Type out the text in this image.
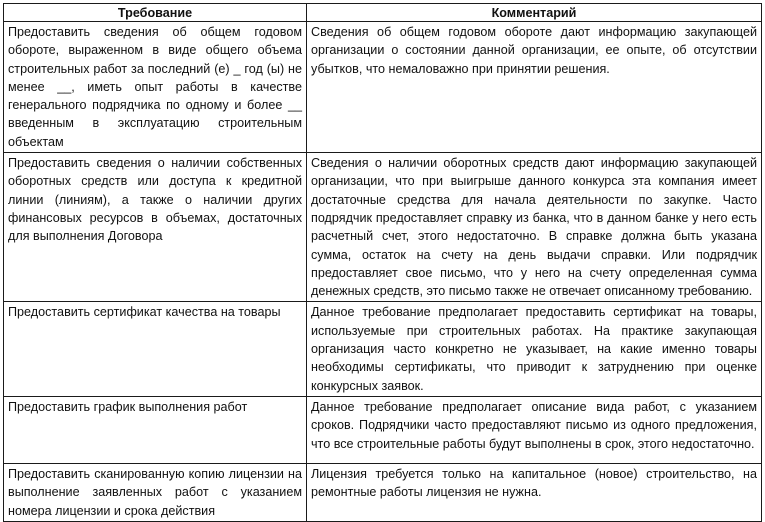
Требование	Комментарий
Предоставить сведения об общем годовом обороте, выраженном в виде общего объема строительных работ за последний (е) _ год (ы) не менее __, иметь опыт работы в качестве генерального подрядчика по одному и более __ введенным в эксплуатацию строительным объектам	Сведения об общем годовом обороте дают информацию закупающей организации о состоянии данной организации, ее опыте, об отсутствии убытков, что немаловажно при принятии решения.
Предоставить сведения о наличии собственных оборотных средств или доступа к кредитной линии (линиям), а также о наличии других финансовых ресурсов в объемах, достаточных для выполнения Договора	Сведения о наличии оборотных средств дают информацию закупающей организации, что при выигрыше данного конкурса эта компания имеет достаточные средства для начала деятельности по закупке. Часто подрядчик предоставляет справку из банка, что в данном банке у него есть расчетный счет, этого недостаточно. В справке должна быть указана сумма, остаток на счету на день выдачи справки. Или подрядчик предоставляет свое письмо, что у него на счету определенная сумма денежных средств, это письмо также не отвечает описанному требованию.
Предоставить сертификат качества на товары	Данное требование предполагает предоставить сертификат на товары, используемые при строительных работах. На практике закупающая организация часто конкретно не указывает, на какие именно товары необходимы сертификаты, что приводит к затруднению при оценке конкурсных заявок.
Предоставить график выполнения работ	Данное требование предполагает описание вида работ, с указанием сроков. Подрядчики часто предоставляют письмо из одного предложения, что все строительные работы будут выполнены в срок, этого недостаточно.
Предоставить сканированную копию лицензии на выполнение заявленных работ с указанием номера лицензии и срока действия	Лицензия требуется только на капитальное (новое) строительство, на ремонтные работы лицензия не нужна.
